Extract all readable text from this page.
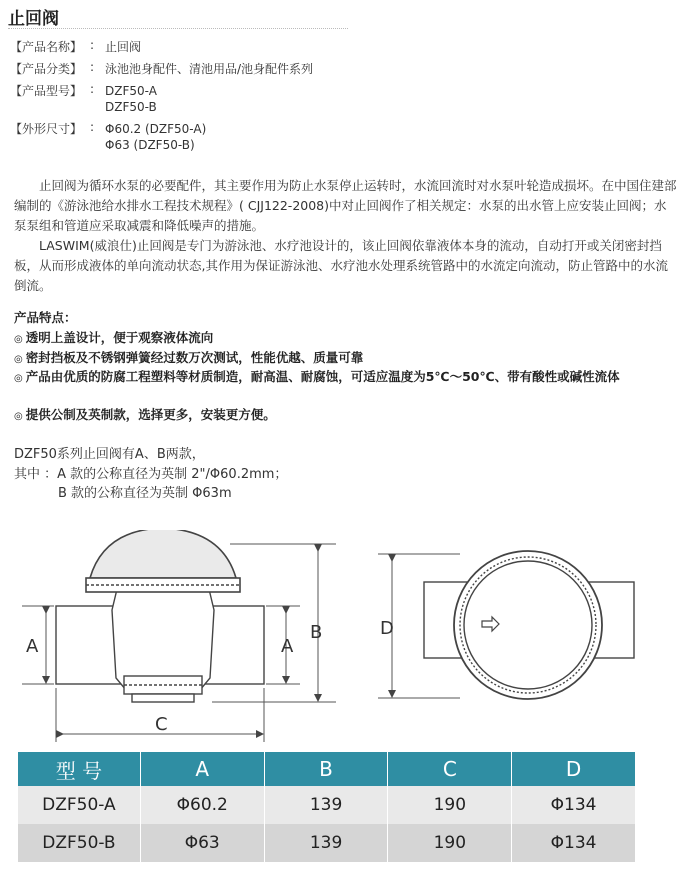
止回阀
【产品名称】 : 止回阀
【产品分类】 : 泳池池身配件、清池用品/池身配件系列
【产品型号】 : DZF50-A
DZF50-B
【外形尺寸】 : Φ60.2 (DZF50-A)
Φ63 (DZF50-B)
止回阀为循环水泵的必要配件，其主要作用为防止水泵停止运转时，水流回流时对水泵叶轮造成损坏。在中国住建部编制的《游泳池给水排水工程技术规程》( CJJ122-2008)中对止回阀作了相关规定：水泵的出水管上应安装止回阀；水泵泵组和管道应采取减震和降低噪声的措施。
LASWIM(威浪仕)止回阀是专门为游泳池、水疗池设计的，该止回阀依靠液体本身的流动，自动打开或关闭密封挡板，从而形成液体的单向流动状态,其作用为保证游泳池、水疗池水处理系统管路中的水流定向流动，防止管路中的水流倒流。
产品特点：
◎ 透明上盖设计，便于观察液体流向
◎ 密封挡板及不锈钢弹簧经过数万次测试，性能优越、质量可靠
◎ 产品由优质的防腐工程塑料等材质制造，耐高温、耐腐蚀，可适应温度为5℃～50℃、带有酸性或碱性流体
◎ 提供公制及英制款，选择更多，安装更方便。
DZF50系列止回阀有A、B两款，
其中 ：A 款的公称直径为英制 2"/Φ60.2mm；
B 款的公称直径为英制 Φ63m
A	A
B
C
D
型 号	A	B	C	D
DZF50-A	Φ60.2	139	190	Φ134
DZF50-B	Φ63	139	190	Φ134
